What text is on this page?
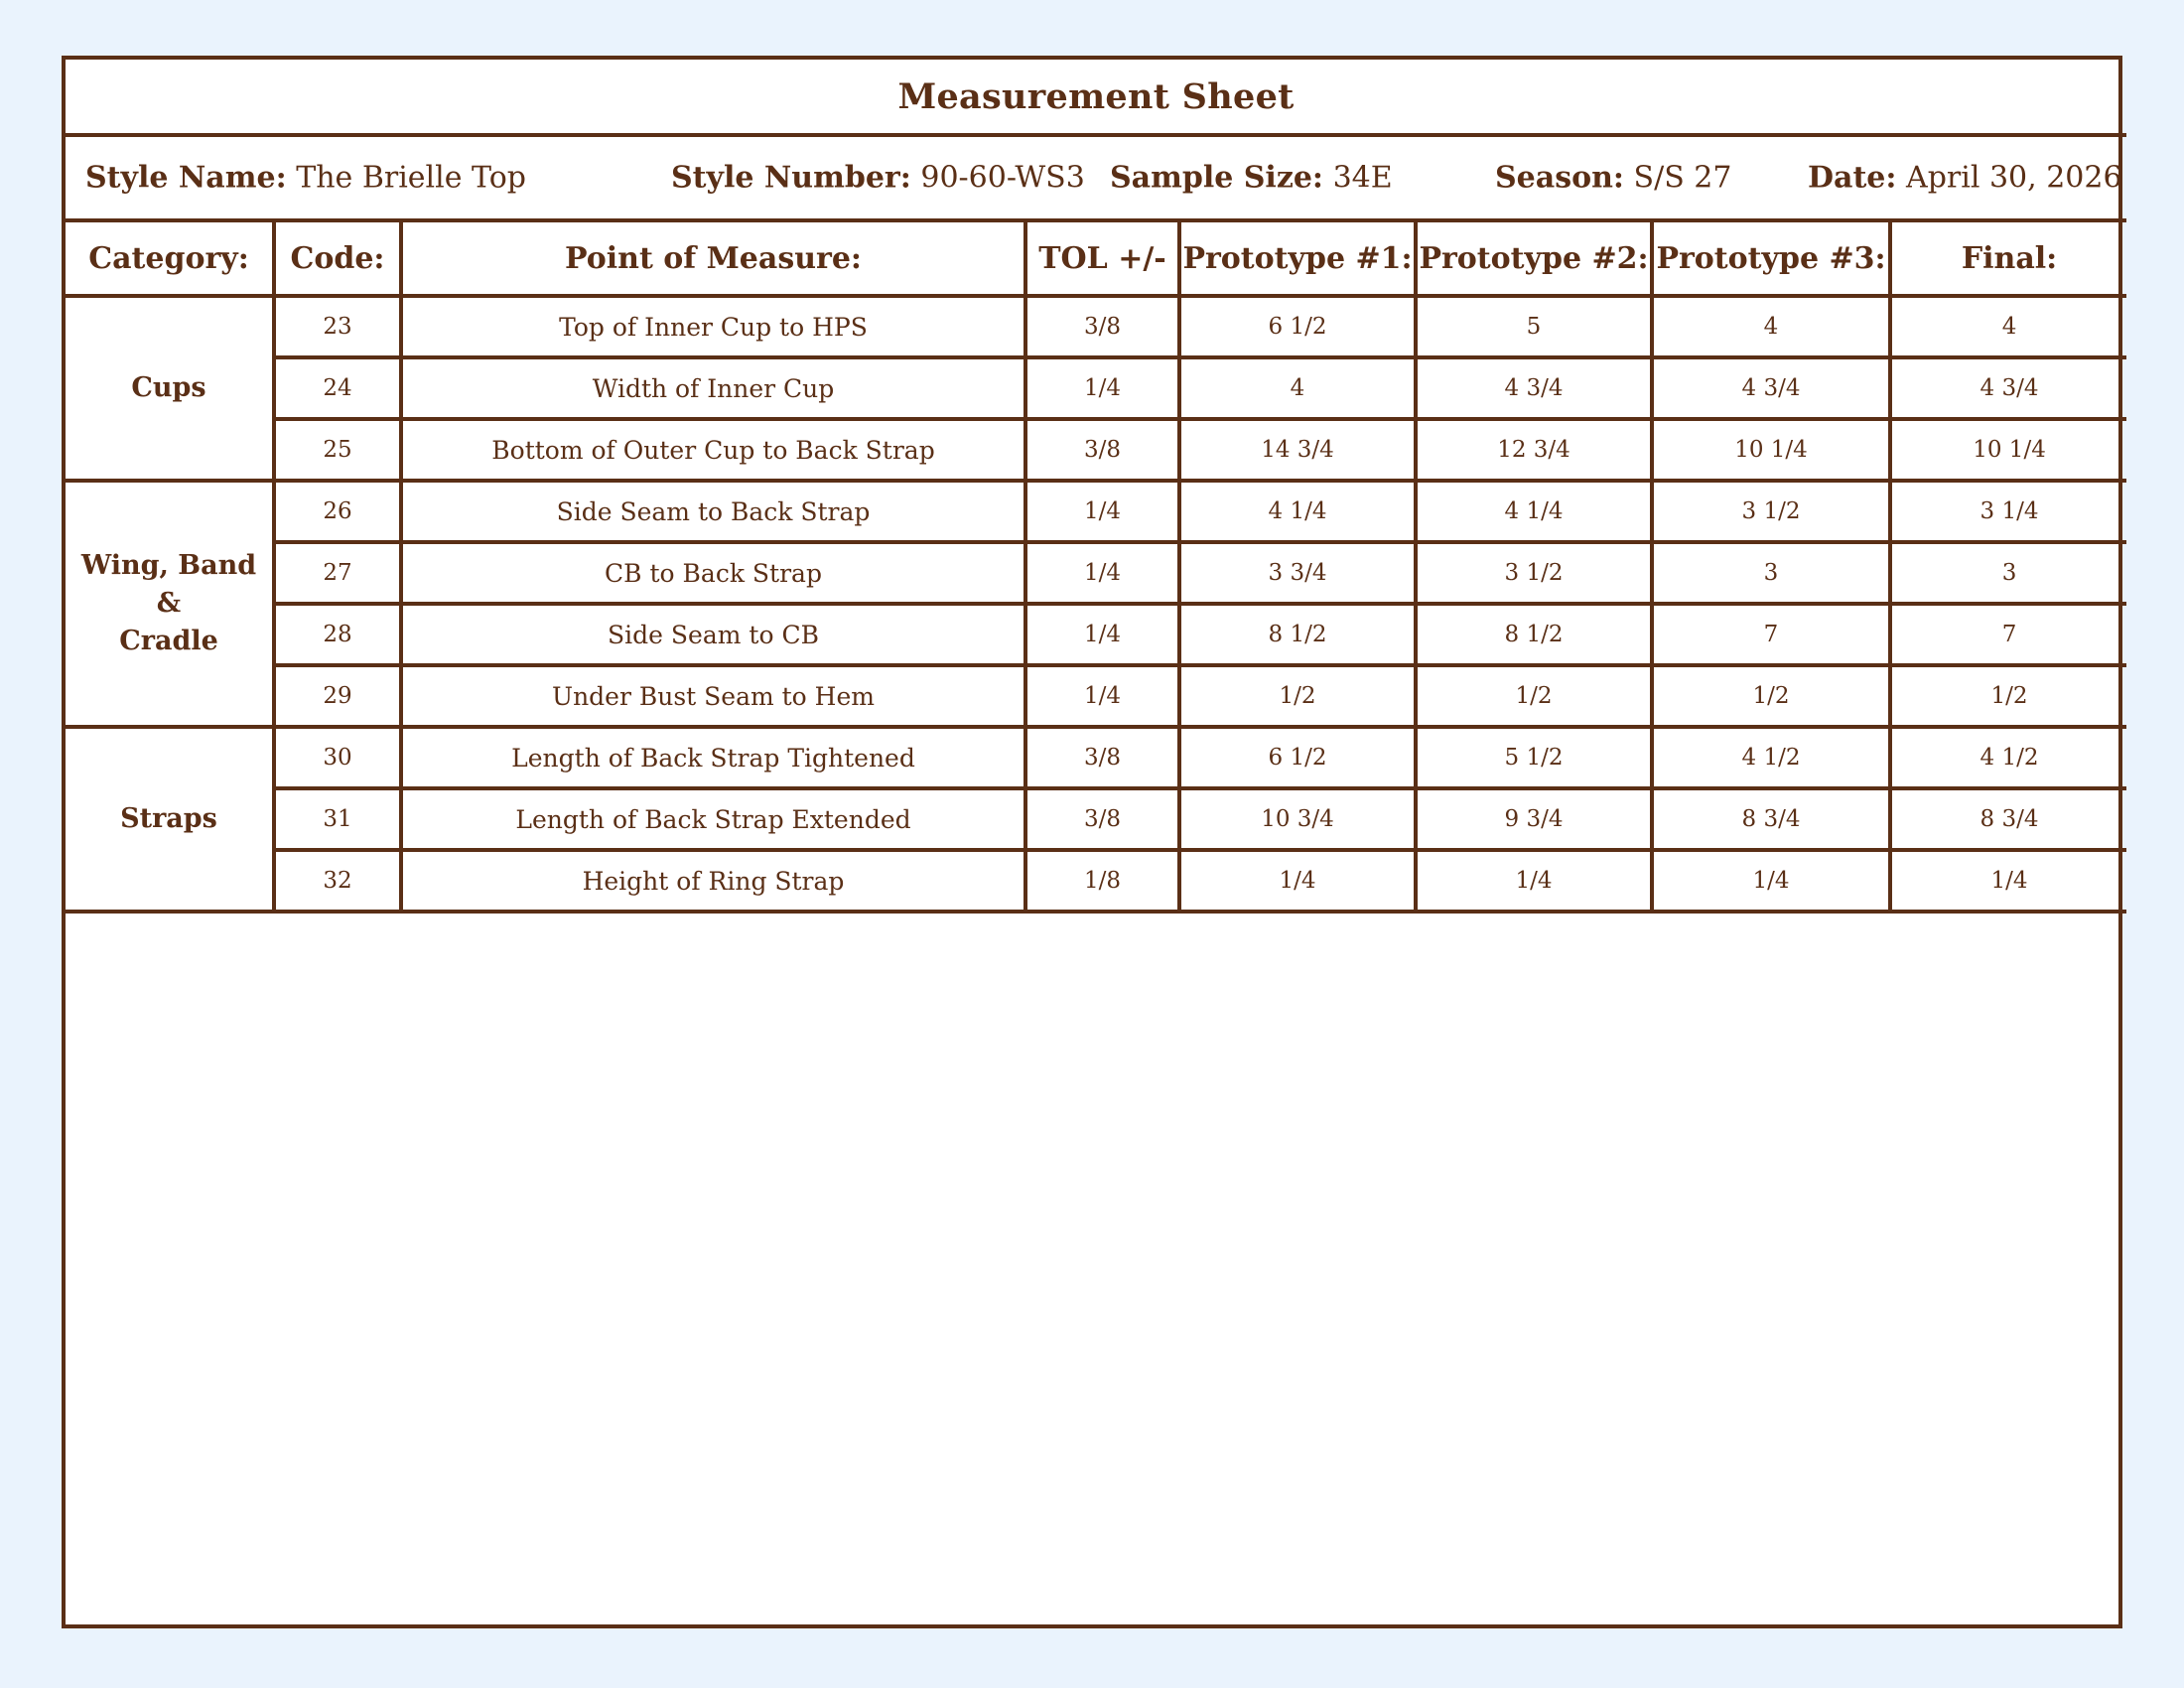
Measurement Sheet							

Style Name: The Brielle Top Style Number: 90-60-WS3 Sample Size: 34E Season: S/S 27 Date: April 30, 2026							

Category:	Code:	Point of Measure:	TOL +/-	Prototype #1:	Prototype #2:	Prototype #3:	Final:
Cups	23	Top of Inner Cup to HPS	3/8	6 1/2	5	4	4
	24	Width of Inner Cup	1/4	4	4 3/4	4 3/4	4 3/4
	25	Bottom of Outer Cup to Back Strap	3/8	14 3/4	12 3/4	10 1/4	10 1/4
Wing, Band &
Cradle	26	Side Seam to Back Strap	1/4	4 1/4	4 1/4	3 1/2	3 1/4
	27	CB to Back Strap	1/4	3 3/4	3 1/2	3	3
	28	Side Seam to CB	1/4	8 1/2	8 1/2	7	7
	29	Under Bust Seam to Hem	1/4	1/2	1/2	1/2	1/2
Straps	30	Length of Back Strap Tightened	3/8	6 1/2	5 1/2	4 1/2	4 1/2
	31	Length of Back Strap Extended	3/8	10 3/4	9 3/4	8 3/4	8 3/4
	32	Height of Ring Strap	1/8	1/4	1/4	1/4	1/4
